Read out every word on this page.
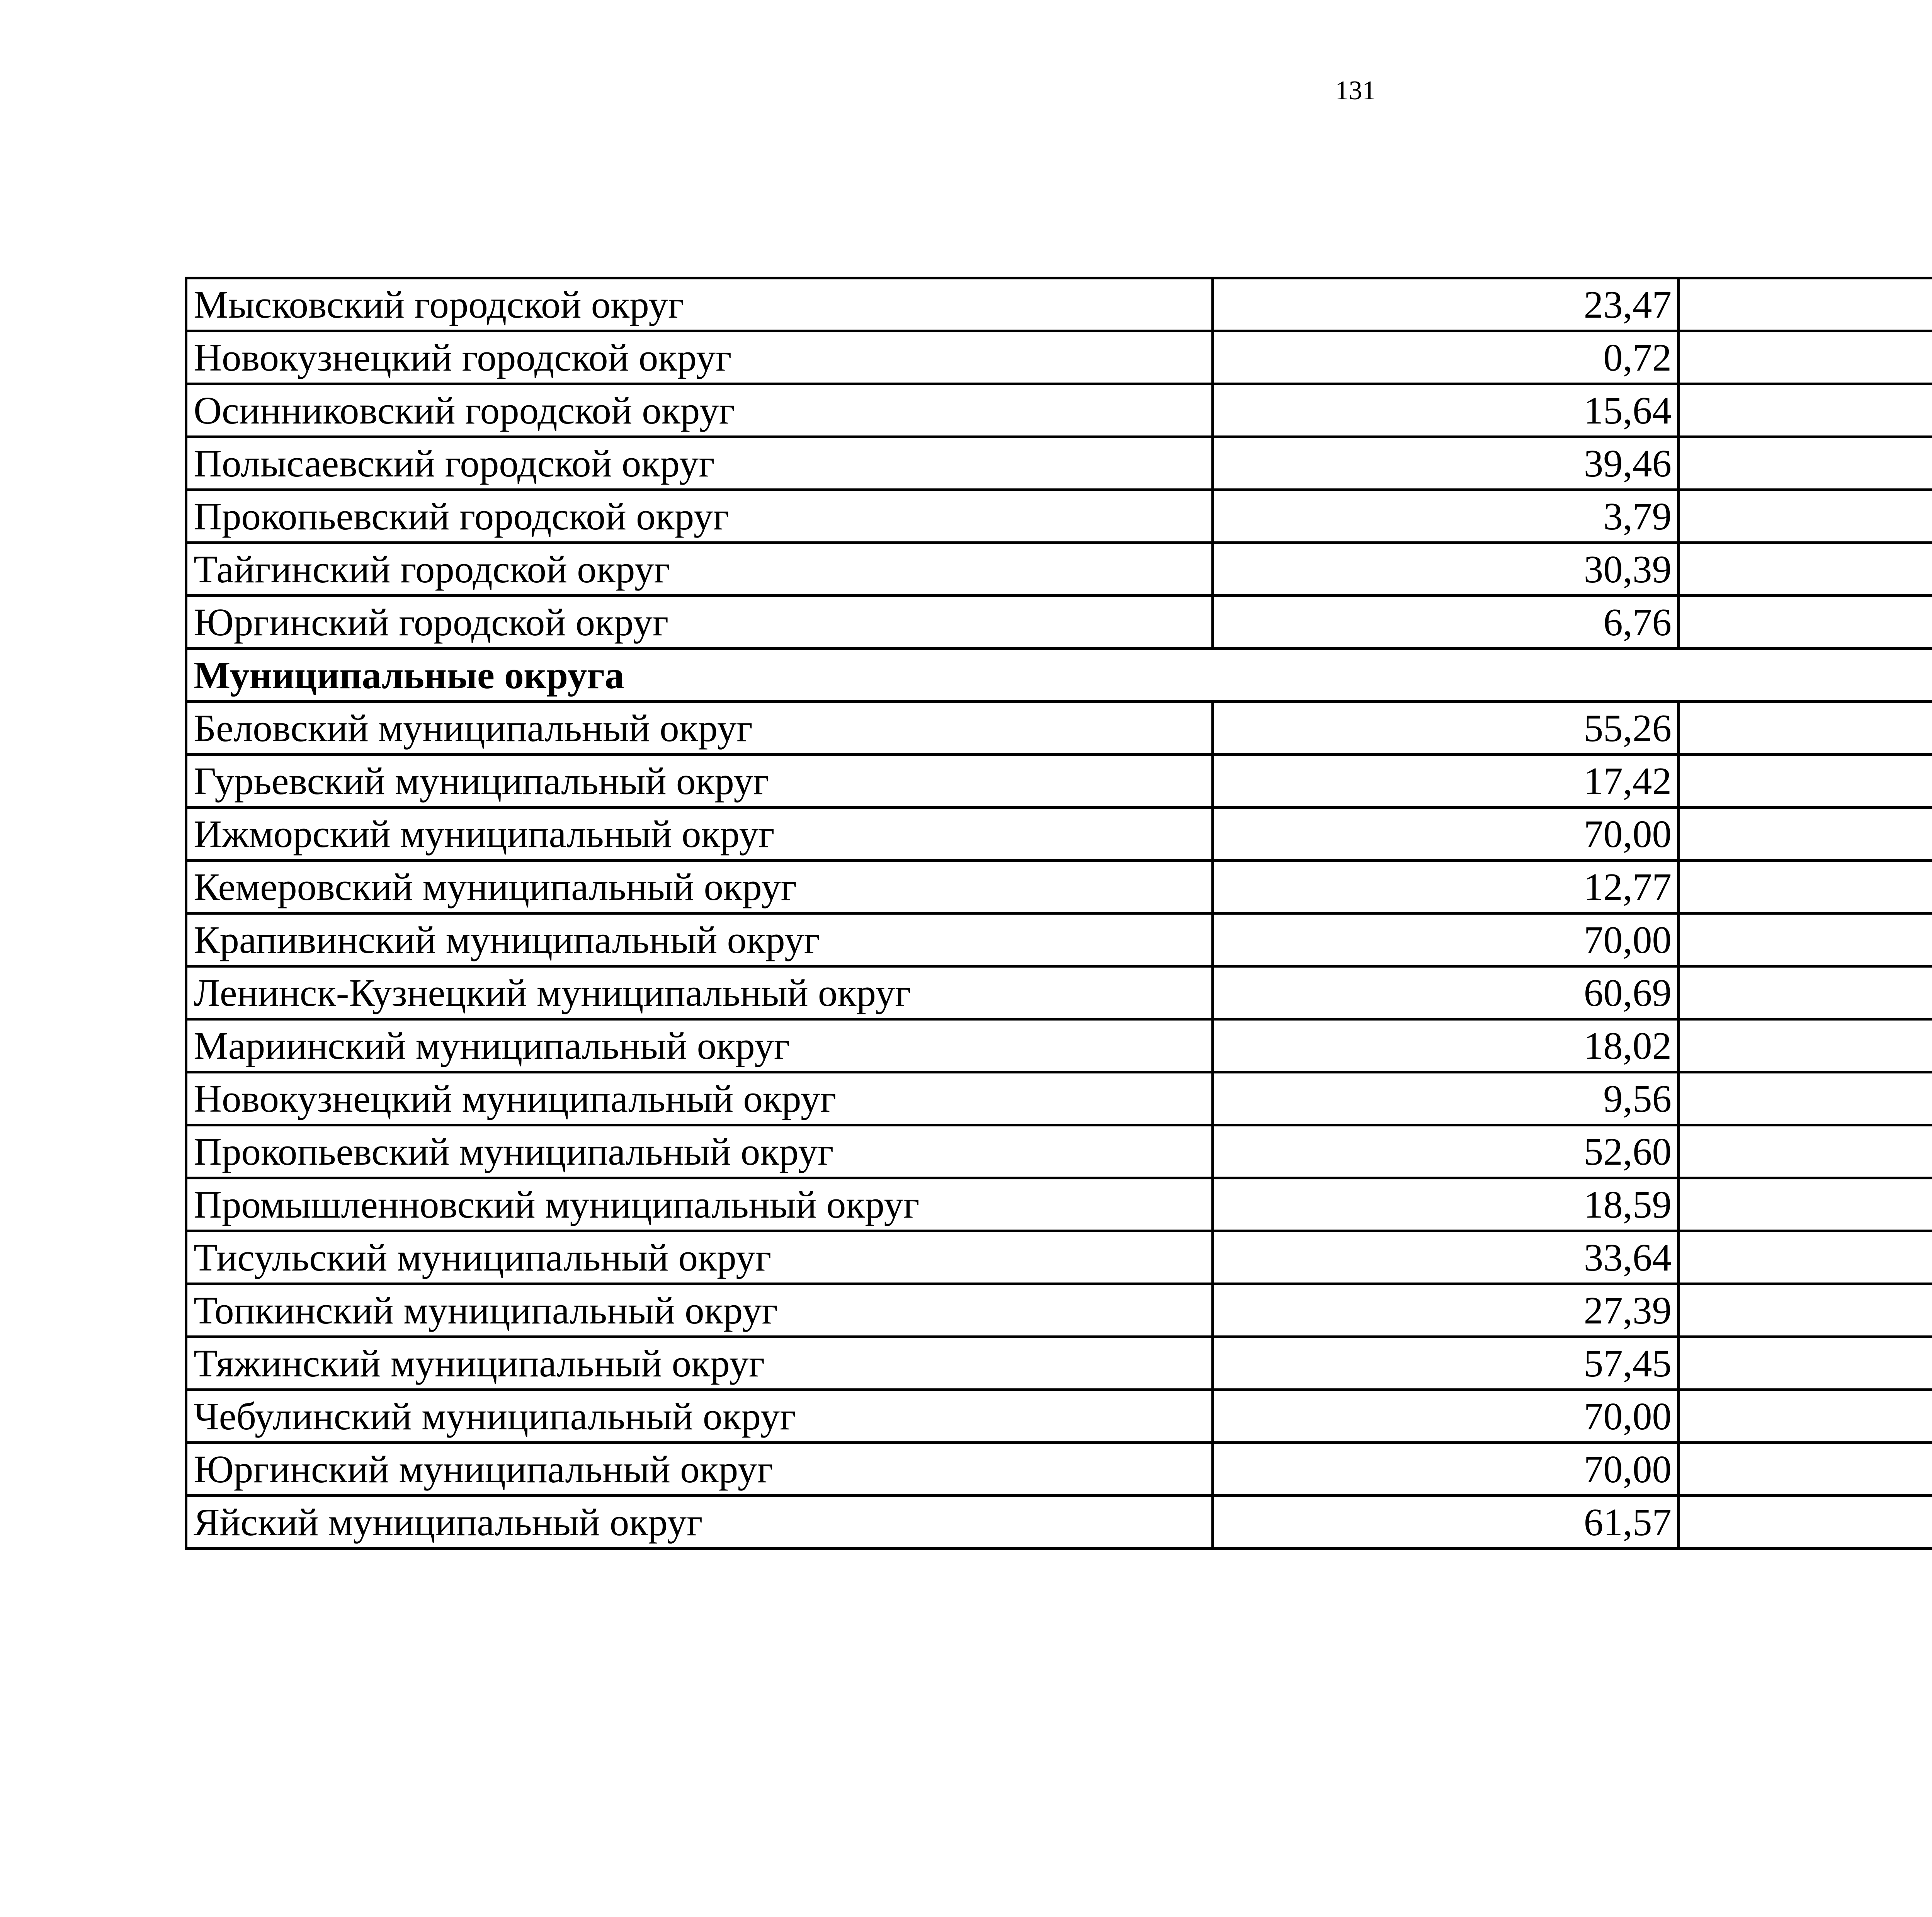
131
Мысковский городской округ	23,47		
Новокузнецкий городской округ	0,72		
Осинниковский городской округ	15,64		
Полысаевский городской округ	39,46		
Прокопьевский городской округ	3,79		
Тайгинский городской округ	30,39		
Юргинский городской округ	6,76		
Муниципальные округа			
Беловский муниципальный округ	55,26		
Гурьевский муниципальный округ	17,42		
Ижморский муниципальный округ	70,00		
Кемеровский муниципальный округ	12,77		
Крапивинский муниципальный округ	70,00		
Ленинск-Кузнецкий муниципальный округ	60,69		
Мариинский муниципальный округ	18,02		
Новокузнецкий муниципальный округ	9,56		
Прокопьевский муниципальный округ	52,60		
Промышленновский муниципальный округ	18,59		
Тисульский муниципальный округ	33,64		
Топкинский муниципальный округ	27,39		
Тяжинский муниципальный округ	57,45		
Чебулинский муниципальный округ	70,00		
Юргинский муниципальный округ	70,00		
Яйский муниципальный округ	61,57		
